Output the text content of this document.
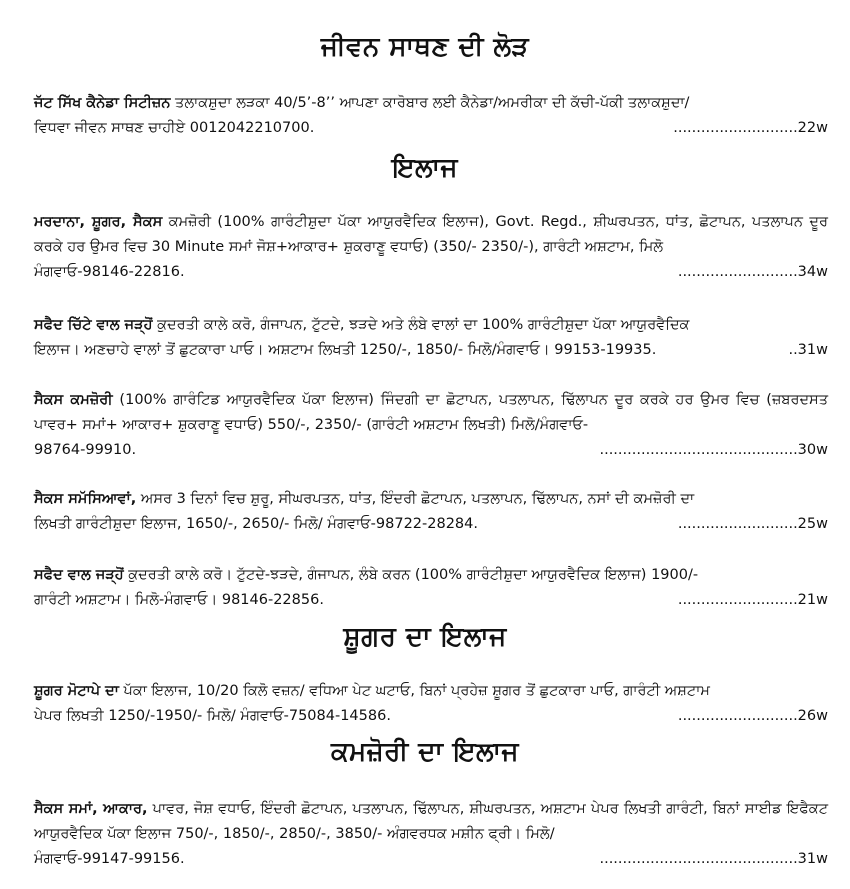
ਜੀਵਨ ਸਾਥਣ ਦੀ ਲੋੜ
ਜੱਟ ਸਿੱਖ ਕੈਨੇਡਾ ਸਿਟੀਜ਼ਨ ਤਲਾਕਸ਼ੁਦਾ ਲੜਕਾ 40/5’-8’’ ਆਪਣਾ ਕਾਰੋਬਾਰ ਲਈ ਕੈਨੇਡਾ/ਅਮਰੀਕਾ ਦੀ ਕੱਚੀ-ਪੱਕੀ ਤਲਾਕਸ਼ੁਦਾ/
ਵਿਧਵਾ ਜੀਵਨ ਸਾਥਣ ਚਾਹੀਏ 0012042210700.	...........................22w
ਇਲਾਜ
ਮਰਦਾਨਾ, ਸ਼ੂਗਰ, ਸੈਕਸ ਕਮਜ਼ੋਰੀ (100% ਗਾਰੰਟੀਸ਼ੁਦਾ ਪੱਕਾ ਆਯੁਰਵੈਦਿਕ ਇਲਾਜ), Govt. Regd., ਸ਼ੀਘਰਪਤਨ, ਧਾਂਤ, ਛੋਟਾਪਨ, ਪਤਲਾਪਨ ਦੂਰ ਕਰਕੇ ਹਰ ਉਮਰ ਵਿਚ 30 Minute ਸਮਾਂ ਜੋਸ਼+ਆਕਾਰ+ ਸ਼ੁਕਰਾਣੂ ਵਧਾਓ) (350/- 2350/-), ਗਾਰੰਟੀ ਅਸ਼ਟਾਮ, ਮਿਲੋ
ਮੰਗਵਾਓ-98146-22816.	..........................34w
ਸਫੈਦ ਚਿੱਟੇ ਵਾਲ ਜੜ੍ਹੋਂ ਕੁਦਰਤੀ ਕਾਲੇ ਕਰੋ, ਗੰਜਾਪਨ, ਟੁੱਟਦੇ, ਝੜਦੇ ਅਤੇ ਲੰਬੇ ਵਾਲਾਂ ਦਾ 100% ਗਾਰੰਟੀਸ਼ੁਦਾ ਪੱਕਾ ਆਯੁਰਵੈਦਿਕ
ਇਲਾਜ। ਅਣਚਾਹੇ ਵਾਲਾਂ ਤੋਂ ਛੁਟਕਾਰਾ ਪਾਓ। ਅਸ਼ਟਾਮ ਲਿਖਤੀ 1250/-, 1850/- ਮਿਲੋ/ਮੰਗਵਾਓ। 99153-19935.	..31w
ਸੈਕਸ ਕਮਜ਼ੋਰੀ (100% ਗਾਰੰਟਿਡ ਆਯੁਰਵੈਦਿਕ ਪੱਕਾ ਇਲਾਜ) ਜਿੰਦਗੀ ਦਾ ਛੋਟਾਪਨ, ਪਤਲਾਪਨ, ਢਿੱਲਾਪਨ ਦੂਰ ਕਰਕੇ ਹਰ ਉਮਰ ਵਿਚ (ਜ਼ਬਰਦਸਤ ਪਾਵਰ+ ਸਮਾਂ+ ਆਕਾਰ+ ਸ਼ੁਕਰਾਣੂ ਵਧਾਓ) 550/-, 2350/- (ਗਾਰੰਟੀ ਅਸ਼ਟਾਮ ਲਿਖਤੀ) ਮਿਲੋ/ਮੰਗਵਾਓ-
98764-99910.	...........................................30w
ਸੈਕਸ ਸਮੱਸਿਆਵਾਂ, ਅਸਰ 3 ਦਿਨਾਂ ਵਿਚ ਸ਼ੁਰੂ, ਸੀਘਰਪਤਨ, ਧਾਂਤ, ਇੰਦਰੀ ਛੋਟਾਪਨ, ਪਤਲਾਪਨ, ਢਿੱਲਾਪਨ, ਨਸਾਂ ਦੀ ਕਮਜ਼ੋਰੀ ਦਾ
ਲਿਖਤੀ ਗਾਰੰਟੀਸ਼ੁਦਾ ਇਲਾਜ, 1650/-, 2650/- ਮਿਲੋ/ ਮੰਗਵਾਓ-98722-28284.	..........................25w
ਸਫੈਦ ਵਾਲ ਜੜ੍ਹੋਂ ਕੁਦਰਤੀ ਕਾਲੇ ਕਰੋ। ਟੁੱਟਦੇ-ਝੜਦੇ, ਗੰਜਾਪਨ, ਲੰਬੇ ਕਰਨ (100% ਗਾਰੰਟੀਸ਼ੁਦਾ ਆਯੁਰਵੈਦਿਕ ਇਲਾਜ) 1900/-
ਗਾਰੰਟੀ ਅਸ਼ਟਾਮ। ਮਿਲੋ-ਮੰਗਵਾਓ। 98146-22856.	..........................21w
ਸ਼ੂਗਰ ਦਾ ਇਲਾਜ
ਸ਼ੂਗਰ ਮੋਟਾਪੇ ਦਾ ਪੱਕਾ ਇਲਾਜ, 10/20 ਕਿਲੋ ਵਜ਼ਨ/ ਵਧਿਆ ਪੇਟ ਘਟਾਓ, ਬਿਨਾਂ ਪ੍ਰਹੇਜ਼ ਸ਼ੂਗਰ ਤੋਂ ਛੁਟਕਾਰਾ ਪਾਓ, ਗਾਰੰਟੀ ਅਸ਼ਟਾਮ
ਪੇਪਰ ਲਿਖਤੀ 1250/-1950/- ਮਿਲੋ/ ਮੰਗਵਾਓ-75084-14586.	..........................26w
ਕਮਜ਼ੋਰੀ ਦਾ ਇਲਾਜ
ਸੈਕਸ ਸਮਾਂ, ਆਕਾਰ, ਪਾਵਰ, ਜੋਸ਼ ਵਧਾਓ, ਇੰਦਰੀ ਛੋਟਾਪਨ, ਪਤਲਾਪਨ, ਢਿੱਲਾਪਨ, ਸ਼ੀਘਰਪਤਨ, ਅਸ਼ਟਾਮ ਪੇਪਰ ਲਿਖਤੀ ਗਾਰੰਟੀ, ਬਿਨਾਂ ਸਾਈਡ ਇਫੈਕਟ ਆਯੁਰਵੈਦਿਕ ਪੱਕਾ ਇਲਾਜ 750/-, 1850/-, 2850/-, 3850/- ਅੰਗਵਰਧਕ ਮਸ਼ੀਨ ਫ੍ਰੀ। ਮਿਲੋ/
ਮੰਗਵਾਓ-99147-99156.	...........................................31w
